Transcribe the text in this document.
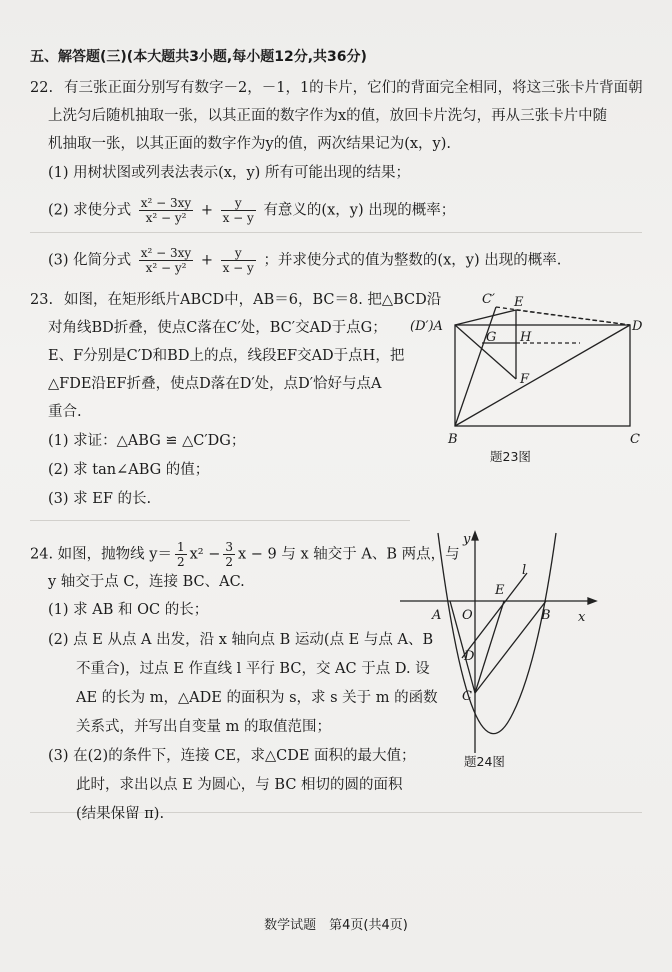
五、解答题(三)(本大题共3小题,每小题12分,共36分)
22. 有三张正面分别写有数字－2，－1，1的卡片，它们的背面完全相同，将这三张卡片背面朝
上洗匀后随机抽取一张，以其正面的数字作为x的值，放回卡片洗匀，再从三张卡片中随
机抽取一张，以其正面的数字作为y的值，两次结果记为(x，y).
(1) 用树状图或列表法表示(x，y) 所有可能出现的结果；
(2) 求使分式 $\frac{\text{x² − 3xy}}{\text{x² − y²}} + \frac{y}{x - y}$ 有意义的(x，y) 出现的概率；
(3) 化简分式 $\frac{\text{x² − 3xy}}{\text{x² − y²}} + \frac{y}{x - y}$ ；并求使分式的值为整数的(x，y) 出现的概率.
23. 如图，在矩形纸片ABCD中，AB＝6，BC＝8. 把△BCD沿
对角线BD折叠，使点C落在C′处，BC′交AD于点G；
E、F分别是C′D和BD上的点，线段EF交AD于点H，把
△FDE沿EF折叠，使点D落在D′处，点D′恰好与点A
重合.
(1) 求证：△ABG ≌ △C′DG；
(2) 求 tan∠ABG 的值；
(3) 求 EF 的长.
(D′)A
C′ E
D
G H
F
B	C
题23图
24. 如图，抛物线 $y= \frac{1}{2} x^2 - \frac{3}{2}$ x − 9 与 x 轴交于 A、B 两点，与
y 轴交于点 C，连接 BC、AC.
(1) 求 AB 和 OC 的长；
(2) 点 E 从点 A 出发，沿 x 轴向点 B 运动(点 E 与点 A、B
不重合)，过点 E 作直线 l 平行 BC，交 AC 于点 D. 设
AE 的长为 m，△ADE 的面积为 s，求 s 关于 m 的函数
关系式，并写出自变量 m 的取值范围；
(3) 在(2)的条件下，连接 CE，求△CDE 面积的最大值；
此时，求出以点 E 为圆心，与 BC 相切的圆的面积
(结果保留 π).
y
x
A O
E
l
B
D
C
题24图
数学试题　第4页(共4页)
